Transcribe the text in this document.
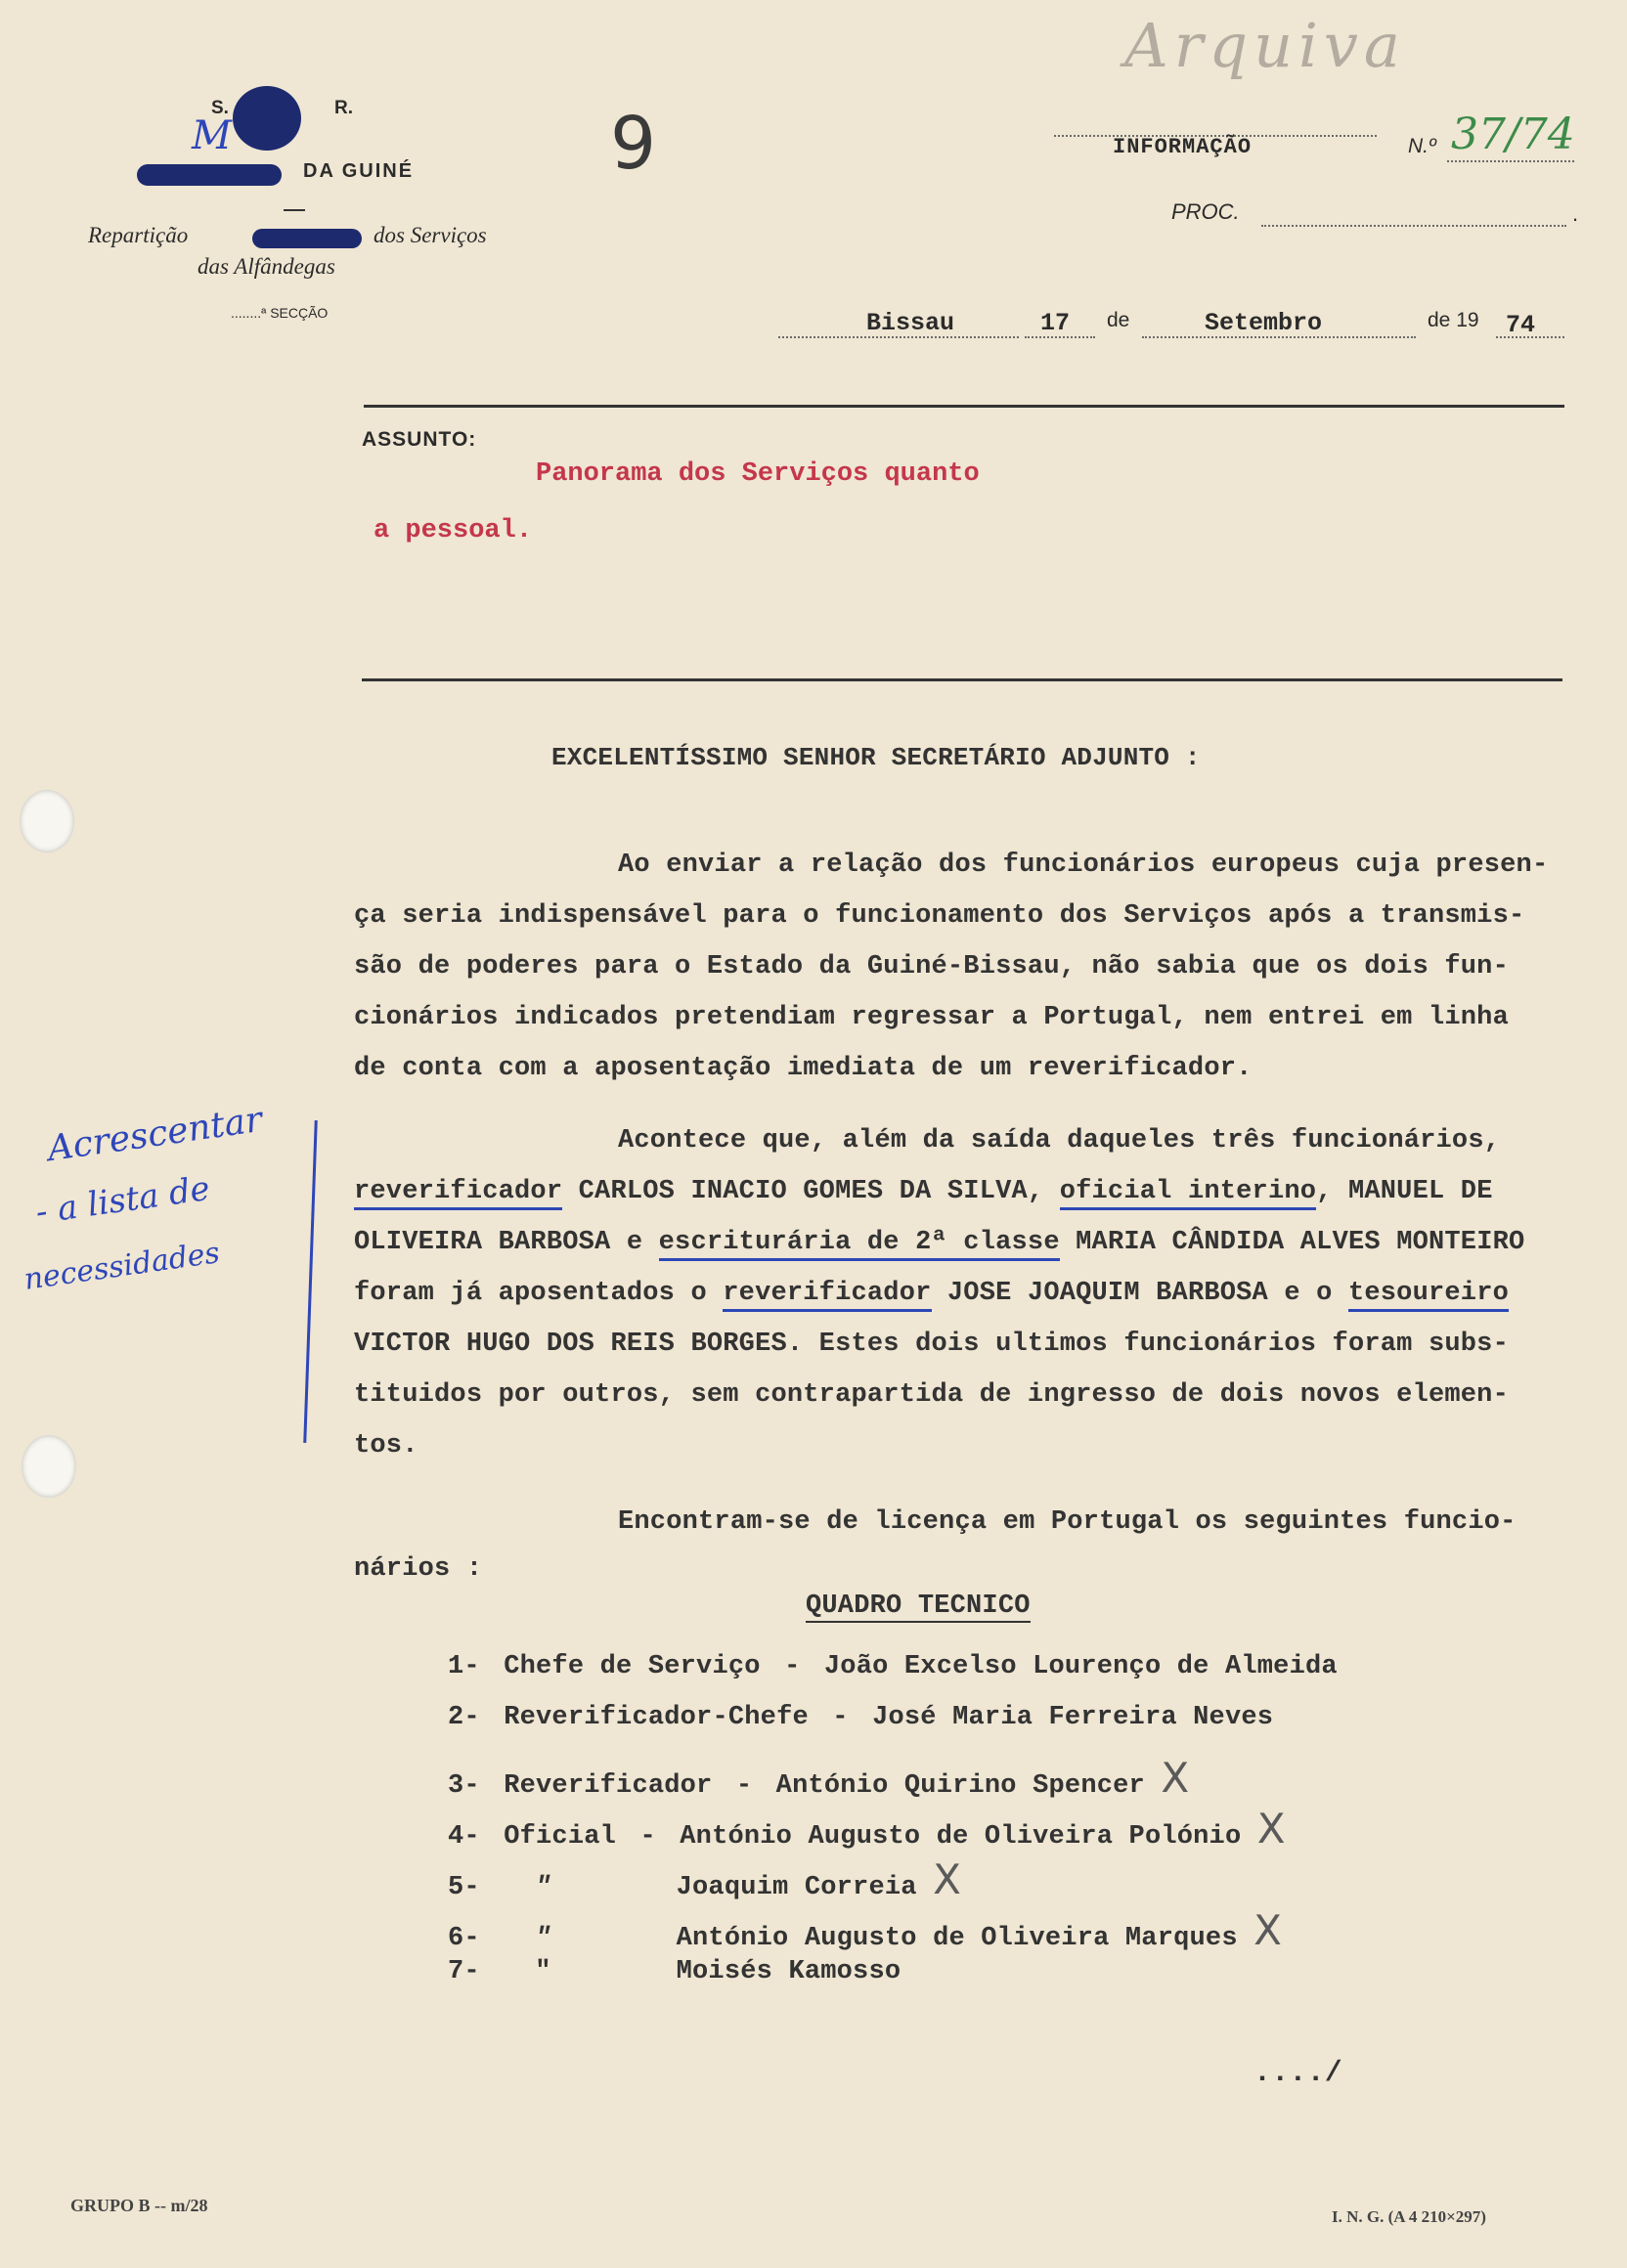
S.	R.
M
DA GUINÉ
Repartição	dos Serviços
das Alfândegas
........ª SECÇÃO
Arquiva
9	INFORMAÇÃO	N.º 37/74
PROC.	.
Bissau	17 de	Setembro	de 19 74
ASSUNTO:
Panorama dos Serviços quanto
a pessoal.
EXCELENTÍSSIMO SENHOR SECRETÁRIO ADJUNTO :
Ao enviar a relação dos funcionários europeus cuja presen-
ça seria indispensável para o funcionamento dos Serviços após a transmis-
são de poderes para o Estado da Guiné-Bissau, não sabia que os dois fun-
cionários indicados pretendiam regressar a Portugal, nem entrei em linha
de conta com a aposentação imediata de um reverificador.
Acontece que, além da saída daqueles três funcionários,
reverificador CARLOS INACIO GOMES DA SILVA, oficial interino, MANUEL DE
OLIVEIRA BARBOSA e escriturária de 2ª classe MARIA CÂNDIDA ALVES MONTEIRO
foram já aposentados o reverificador JOSE JOAQUIM BARBOSA e o tesoureiro
VICTOR HUGO DOS REIS BORGES. Estes dois ultimos funcionários foram subs-
tituidos por outros, sem contrapartida de ingresso de dois novos elemen-
tos.
Encontram-se de licença em Portugal os seguintes funcio-
nários :
QUADRO TECNICO
1- Chefe de Serviço - João Excelso Lourenço de Almeida
2- Reverificador-Chefe - José Maria Ferreira Neves
3- Reverificador - António Quirino Spencer X
4- Oficial - António Augusto de Oliveira Polónio X
5- ″	Joaquim Correia X
6- ″	António Augusto de Oliveira Marques X
7- "	Moisés Kamosso
..../
Acrescentar
- a lista de
necessidades
GRUPO B -- m/28
I. N. G. (A 4 210×297)
